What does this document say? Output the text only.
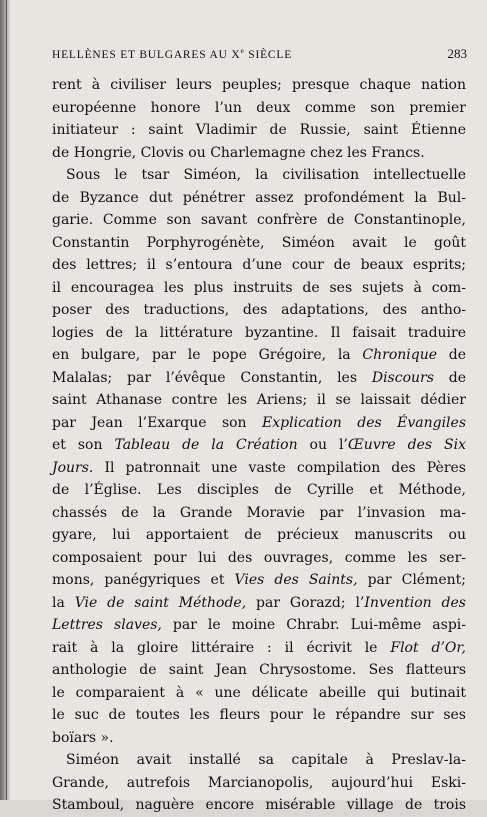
HELLÈNES ET BULGARES AU Xe SIÈCLE	283
rent à civiliser leurs peuples; presque chaque nation
européenne honore l’un deux comme son premier
initiateur : saint Vladimir de Russie, saint Étienne
de Hongrie, Clovis ou Charlemagne chez les Francs.
Sous le tsar Siméon, la civilisation intellectuelle
de Byzance dut pénétrer assez profondément la Bul-
garie. Comme son savant confrère de Constantinople,
Constantin Porphyrogénète, Siméon avait le goût
des lettres; il s’entoura d’une cour de beaux esprits;
il encouragea les plus instruits de ses sujets à com-
poser des traductions, des adaptations, des antho-
logies de la littérature byzantine. Il faisait traduire
en bulgare, par le pope Grégoire, la Chronique de
Malalas; par l’évêque Constantin, les Discours de
saint Athanase contre les Ariens; il se laissait dédier
par Jean l’Exarque son Explication des Évangiles
et son Tableau de la Création ou l’Œuvre des Six
Jours. Il patronnait une vaste compilation des Pères
de l’Église. Les disciples de Cyrille et Méthode,
chassés de la Grande Moravie par l’invasion ma-
gyare, lui apportaient de précieux manuscrits ou
composaient pour lui des ouvrages, comme les ser-
mons, panégyriques et Vies des Saints, par Clément;
la Vie de saint Méthode, par Gorazd; l’Invention des
Lettres slaves, par le moine Chrabr. Lui-même aspi-
rait à la gloire littéraire : il écrivit le Flot d’Or,
anthologie de saint Jean Chrysostome. Ses flatteurs
le comparaient à « une délicate abeille qui butinait
le suc de toutes les fleurs pour le répandre sur ses
boïars ».
Siméon avait installé sa capitale à Preslav-la-
Grande, autrefois Marcianopolis, aujourd’hui Eski-
Stamboul, naguère encore misérable village de trois
